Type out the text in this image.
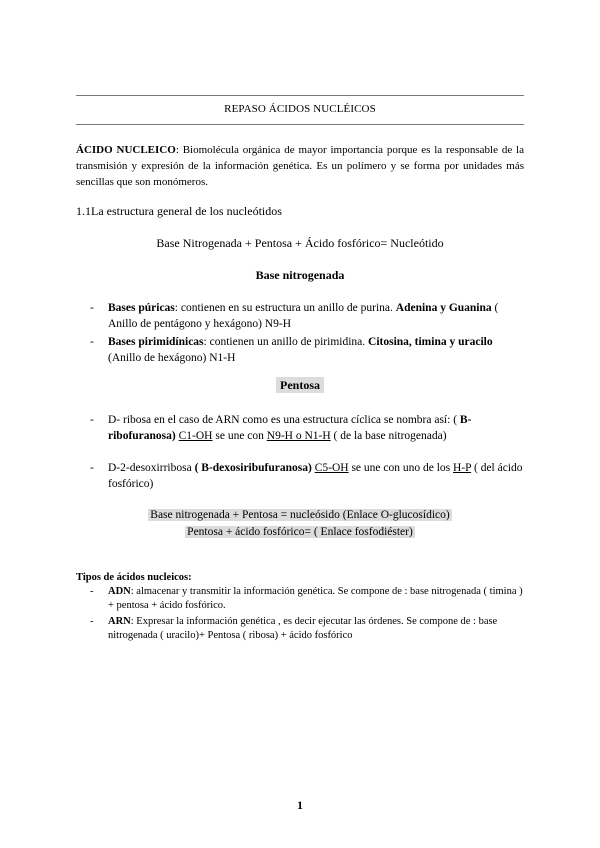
REPASO ÁCIDOS NUCLÉICOS

ÁCIDO NUCLEICO: Biomolécula orgánica de mayor importancia porque es la responsable de la transmisión y expresión de la información genética. Es un polímero y se forma por unidades más sencillas que son monómeros.

1.1La estructura general de los nucleótidos
Base Nitrogenada + Pentosa + Ácido fosfórico= Nucleótido
Base nitrogenada
- Bases púricas: contienen en su estructura un anillo de purina. Adenina y Guanina ( Anillo de pentágono y hexágono) N9-H
- Bases pirimidínicas: contienen un anillo de pirimidina. Citosina, timina y uracilo (Anillo de hexágono) N1-H
Pentosa
- D- ribosa en el caso de ARN como es una estructura cíclica se nombra así: ( B-ribofuranosa) C1-OH se une con N9-H o N1-H ( de la base nitrogenada)
- D-2-desoxirribosa ( B-dexosiribufuranosa) C5-OH se une con uno de los H-P ( del ácido fosfórico)
Base nitrogenada + Pentosa = nucleósido (Enlace O-glucosídico)
Pentosa + ácido fosfórico= ( Enlace fosfodiéster)
Tipos de ácidos nucleicos:
- ADN: almacenar y transmitir la información genética. Se compone de : base nitrogenada ( timina ) + pentosa + ácido fosfórico.
- ARN: Expresar la información genética , es decir ejecutar las órdenes. Se compone de : base nitrogenada ( uracilo)+ Pentosa ( ribosa) + ácido fosfórico
1
